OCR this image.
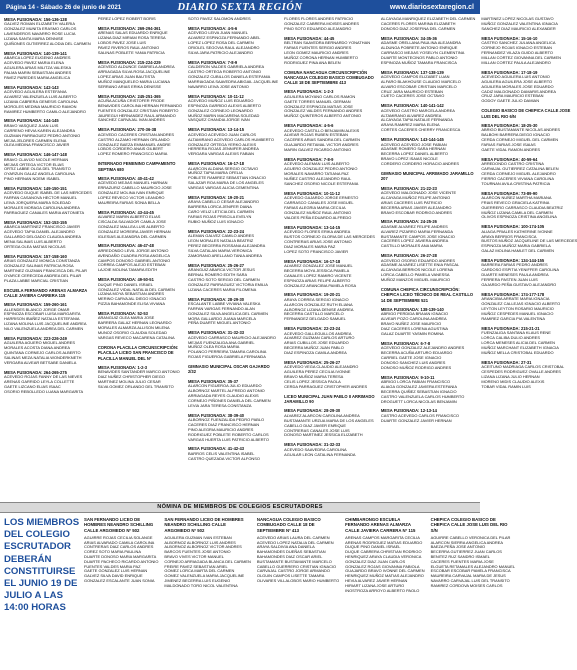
Página 14 - Sábado 26 de junio de 2021	DIARIO SEXTA REGIÓN	www.diariosextaregion.cl
MESA FUSIONADA: 156-136-138
GALVEZ ROMAN ELIZABETH VALERIA
GONZALEZ MUNITA ERASMO CARLOS
LAVENDEROS NAVARRO ROSE LUCIA
LIZANA SANTA MARIA DENNISE
QUIÑONES GUTIERREZ ALODIA DEL CARMEN
MESA FUSIONADA: 140-139-141
ABARCA LOPEZ EUGENIO ANDRES
ACEVEDO PAVEZ MARIA ELENA
AGUILERA ARIAS MILITZA VALESKA
PALMA MARIN SEBASTIAN ANDRES
PAVEZ PAREDES MARIA ANGELICA
MESA FUSIONADA: 142-143
ACEVEDO AGUILERA ESTEFANIA
ALVAREZ VALENZUELA LUIS ALBERTO
LIZAMA CABRERA GENESIS CAROLINA
MOROLES MEDINA MAURICIO RAMON
RAMIREZ HUMBERTO CAMILO ALEJANDRO
MESA FUSIONADA: 144-145
BRAVO VASQUEZ JUAN LUIS
CARRENO HEVIA KAREN ALEJANDRA
GUZMAN PARRAGUEZ PEDRO ANTONIO
MEJIA JELDRES CARMEN ELENA
OLEA MEDINA FRANCISCO JAVIER
MESA FUSIONADA: 146-147-148
BRAVO CLAVIJO NICOLE HERNAN
MEJIAS ORTEGA VICTOR ELIAS
ORTIZ LABBE OLGA DEL TRANSITO
OYARZUN GALAZ ANGELA CAROLINA
PINO HERNAN NOEMI ISABEL
MESA FUSIONADA: 149-150-151
ACEVEDO DUQUE ISABEL DE LAS MERCEDES
FARFAN CASANOVA HECTOR MANUEL
LEIVA JORQUERA MARIA SOLEDAD
MORALES MORAGA CAROLINA ANDREA
PARRAGUEZ CANALES MARIA ANTONIETA
MESA FUSIONADA: 152-153-155
ABARCA MARTINEZ FRANCISCO JAVIER
ACEVEDO TAPIA DANIEL ALEJANDRO
GALLARDO DELGADO CLAUDIA ANDREA
MENA SALINAS LUIS ALBERTO
ORTEGA OLEA MATIAS NICOLAS
MESA FUSIONADA: 157-158-160
ARIAS GONZALEZ MONICA CONSTANZA
GONZALEZ SALINAS PATRICIA ROSA
MARTINEZ GUZMAN FRANCISCA DEL PILAR
OYARCE CERECEDA ANDREA DEL PILAR
PLAZA LABBE MARCIAL CRISTIAN
ESCUELA FERNANDO ARENAS ALMARZA CALLE JAVIERA CARRERA 115
MESA FUSIONADA: 159-260-161
ALLENDES BLANCO JORGE OMAR
ESPINOZA ESCOBAR LUISA MARGARITA
HARRISON IBAÑEZ NATALIA ESTEFANIA
LIZANA MOLINA LUIS JACQUELINE ANDREA
NILO VALENZUELA ANDREA DEL CARMEN
MESA FUSIONADA: 223-226-249
AGUILERA AGUERO MIGUEL ANDRES
MORALES ACOSTA DIANA ANDREA
QUINTANA CORNEJO CARLOS ALBERTO
SALINAS MEZA NATALIA WONDERKNETH
VERGARA ALVEAR BETSABE DANIELA
MESA FUSIONADA: 264-265-275
ACEVEDO ROJAS FANNY DE LAS NIEVES
ARENAS GARRIDO LEYLA COLLETTE
GAETE LIZCANO ELIAS ISAAC
OSORIO REBOLLEDO LUANA MARGARITA
PEREZ LOPEZ ROBERT BORIS
MESA FUSIONADA: 269-294-361
ARENAS SALAS EDUARDO ENRIQUE
LIZANA DIAZ MIRIAM ROSA TERESA
LOBOS PAVEZ JOSE LUIS
PAVEZ RIVEROS RAUL ANTONIO
SALINAS POBLETE YANIA PATRICIA
MESA FUSIONADA: 215-224-229
ACEVEDO ALDUNCE GABRIELA ANDREA
ARRIAGADA SILVA ROSA JACQUELINE
LOPEZ ARIAS JUAN BAUTISTA
MUÑOZ MANQUELEO MARIA LUCIANA
SERRANO ARIAS ERIKA DENISSE
MESA FUSIONADA: 245-251-365
ACUÑA ACUÑA CRISTOFER FRODE
BENAVIDES CAROLINA HERNAN FERNANDO
FUENTES GONZALEZ CRISTIAN ROBERTO
JAUREGUI HERNANDEZ RAUL ARMANDO
SANCHEZ CARVAJAL IVAN ANDRES
MESA FUSIONADA: 270-36-38
ACEVEDO CACERES CRISTIAN ANDRES
CASTRO ALZAMO HERNAN ORLANDO
GONZALEZ BAEZA EMMANUEL ANDRE
LOBOS CORDERO ANAIS GILBERT
LOPEZ ROMERO FRANCISCO MARIA
INTERNADO FEMENINO CAMPAMENTO SEPTIMA 680
MESA FUSIONADA: 40-41-42
ACEVEDO MEJIAS MANUEL HARNAN
ERRAZURIZ CABELLO MAURICIO JOSE
GONZALEZ MOLINA IVAN ENRIQUE
LOPEZ REVECO VICTOR LEANDRO
MAUREIRA FARIAS SONIA BELLA
MESA FUSIONADA: 43-44-45
ALVAREZ MARIN ALBERTO ELIAS
CISCALDA SALVADOR CAMILA JOSE
GONZALEZ MALLEA LUIS ALBERTO
GONZALEZ MOREIRA JAVIER HERNAN
IGLESIAS ALEJANDRA DEL CARMEN
MESA FUSIONADA: 46-47-48
ARREDONDO LEVIL JORGE ANTONIO
AVENDAÑO CUADRA ROSA ANGELICA
CAMPOS DONOSO GABRIEL ANTONIO
CORREA CAMPOS ALEJO ESTEBAN
LAJOIE MOLINA TAMARA EDITH
MESA FUSIONADA: 49-50-51
DUQUE PINO DANIEL ISRAEL
GONZALEZ VIDAL NATALIA DEL CARMEN
LIZANA MOYA SEBASTIAN ANDRES
MERINO CARVAJAL DIEGO IGNACIO
PIZZIA BAHAMONDE ELISA VIVIANA
MESA FUSIONADA: 52-53
ARANGUIZ OLEA MARIA JOSE
BARRERA GALAZ HERNAN LEONARDO
MORALES ALMARZA ALLISON MILENA
MUNOZ OSORIO CLAUDIA SOLEDAD
VARGAS REVECO MACARENA CATALINA
CORONA PLACILLA CIRCUNSCRIPCIÓN: PLACILLA LICEO SAN FRANCISCO DE PLACILLA MANUEL DEL Nº
MESA FUSIONADA: 1-2-3
BENAVIDES SANTANDER MARCO ANTONIO
DIAZ NUÑEZ CHRISTOPHER DIEGO
MARTINEZ MOLINA JULIO CESAR
SILVA GOMEZ ORLANDO DEL TRANSITO
SOTO PAVEZ SALOMON ANDRES
MESA FUSIONADA: 4-5-6
ACEVEDO LEIVA JUAN MANUEL
ALVAREZ ESPINOZA FERNANDO ABEL
LOPEZ LOPEZ ROSA DEL CARMEN
ORIOLEL SEGOVIA RAUL ALEJANDRO
SILVA JARA PATRICIO ALEJANDRO
MESA FUSIONADA: 7-8-9
CALDERON VALDES GABRIELA ANDREA
CASTRO ORTEGA ROBERTO ANTONIO
GONZALEZ CUBILLOS DANIELA ESTEFANIA
MARRIAGADA SAAVEDRA ABIGAIL JACQUELINE
NAVARRO LEIVA JOSE ANTONIO
MESA FUSIONADA: 10-11-12
ACEVEDO MUÑOZ LUIS EDUARDO
ESPINOZA GARRIDO ALEXIS ALBERTO
GONZALEZ CORNEJO LEONARDO
MUÑOZ MARIN MACARENA SOLEDAD
VASQUEZ CHANDIA JORGE IVAN
MESA FUSIONADA: 13-14-15
ACEVEDO ACEVEDO JUAN CARLOS
ALTAMIRANO ACEVEDO CARLOS HUMBERTO
GONZALEZ ORTEGA YERKO ALEXIS
HERRERA ROJAS JENNIFER ANDREA
VERGARA VARGAS ALEXIS FABIAN
MESA FUSIONADA: 16-17-18
ALARCON ALDANA SERGIO OCTAVIO
MUÑOZ TAPIA MARIA OFELIA
POBLETE RAMIREZ SEBASTIAN IGNACIO
SALAZAR ROA MARIA DE LOS ANGELES
VARGAS VARGAS ALICIA CEMENTINA
MESA FUSIONADA: 19-20-21
ARAYA CABELLO CESAR ALEJANDRO
BARRERA LORCA JENIFER DIANA
CARO VELIZ LETICIA DEL CARMEN
FARIAS ROJAS PRISCILA EVELYN
RUBIO MUÑOZ LUIS IGNACIO
MESA FUSIONADA: 22-23-24
ALEMAN GALVEZ CAMILO ANDRES
LEON MORALES NATALIA BEATRIZ
PEREZ BECERRA ROSSANA ALEJANDRA
SILVA CATALAN MARIA VERONICA
ZAMORANO ARELLANO TANIA ANDREA
MESA FUSIONADA: 25-26-27
ARANGUIZ ABARCA VICTOR JESUS
BERNAL ROMERO EDITH SARA
CASTRO SOTO SERGIO DEL CARMEN
GONZALEZ PARRAGUEZ VICTORIA EMILIA
LIZANA CACERES MARIA FILOMENA
MESA FUSIONADA: 28-29-30
ESCALANTE LABBE VIVIANA VALESKA
FARFAN VARGAS FERNANDO ALAN
GONZALEZ SILVA ANGELICA DEL CARMEN
MORA GALLARDO JUANA MARCELA
PEÑA DUARTE MIGUEL ANTONIO
MESA FUSIONADA: 31-32-33
ACEVEDO CARRASCO MAURICIO ALEJANDRO
MEJIAS FUENZALIDA ANA GABRIEL
MUÑOZ OLEA ROSA MARIA
POLANCO PERREIRA TAMARA CAROLINA
ROJAS FIGUEROA GABRIELA FERNANDA
GIMNASIO MUNICIPAL OSCAR GAJARDO 2/32
MESA FUSIONADA: 35-37
ALARCON FIGUEROA JULIO EDUARDO
ALBORNOZ MARTEL ALFREDO ANTONIO
ARRIAGADA REYES CLAUDIO ALEXIS
CORNEJO PIÑONES DANIELA DEL CARMEN
LEVIA JARA TERESA CONSTANZA
MESA FUSIONADA: 38-39-40
ALBORNOZ FUENZALIDA PEDRO PABLO
CACERES DIAZ FRANCISCO HERNAN
PINO ALEGRIA MAURICIO ANDRES
RODRIGUEZ POBLETE ROBERTO CARLOS
VARGAS HUERTA LUIS PATRICIO ALBERTO
MESA FUSIONADA: 41-42-43
BARROS CELIS VALENTINA ISABEL
CASTRO QUEZADA VICTOR ALFONSO
FLORES FLORES ANDRES PATRICIO
GONZALEZ CABRERA MOISES ANDRES
PINO SOTO EDUARDO ALEJANDRO
MESA FUSIONADA: 44-45
BELTRAN SAAVEDRA BERNARDO YONATHAN
FARIAS FUENTES SERGIO ANDRES
LEON GOMEZ MAURICIO ANDRES
MUÑOZ CORONA HERNAN HUMBERTO
RODRIGUEZ PINA ANA BELEN
COMUNA NANCAGUA CIRCUNSCRIPCIÓN NANCAGUA COLEGIO BASICO COMBUGADO CALLE 18 DE SEPTIEMBRE 413
MESA FUSIONADA: 1-2-3
AGUILERA MOYANO CARLOS RAMON
GAETE TORRES MANUEL GERMAN
GONZALEZ ESPINOZA MATIAS JOSE
GONZALEZ VALDES FERNANDO ANDRES
MUÑOZ QUINTEROS ALBERTO ANTONIO
MESA FUSIONADA: 4-5-6
ACEVEDO CASTILLO BENJAMIN ALEXIS
ALVEAR ROJAS RUBEN ESTEBAN
CACERES ARIAS SANDRA DEL CARMEN
GUAJARDO RETAMAL VICTOR ANDRES
MARIN GALVEZ RICARDO ANTONIO
MESA FUSIONADA: 7-8-9
ACEVEDO ALEMAN LUIS ALBERTO
AGUERO GONZALEZ PEDRO ANTONIO
MORALES NAVARRO TATIANA PAZ
NUÑEZ CASTRO ALEJANDRO RAUL
SANCHEZ OSORIO NICOLE ESTEFANIA
MESA FUSIONADA: 10-11-12
ACEVEDO GAJARDO JORGE ERNESTO
CARRASCO CANALES JOSE MIGUEL
FARIAS ALEGRIA MARIA CECILIA
GONZALEZ MUÑOZ RAUL ANTONIO
VALDES PEÑA EDUARDO ALFREDO
MESA FUSIONADA: 13-14-15
ACEVEDO FLORES ERIKA ANDREA
BUSTOS CORNEJO GLORIA DE LAS MERCEDES
CONTRERAS ARIAS JOSE ANTONIO
DIAZ MORALES MARIA PAZ
LOPEZ SOTO FRANCISCO JAVIER
MESA FUSIONADA: 16-17-18
ALVAREZ GONZALEZ JOSE MANUEL
BECERRA MOYA JESSICA PAMELA
CANALES LOPEZ RAMIRO VICENTE
ESPINOZA ARIAS FELIPE ALBERTO
GONZALEZ ARANCIBIA PAMELA ROSA
MESA FUSIONADA: 19-20-21
ARAYA CORREA SERGIO IGNACIO
ALARCON GONZALEZ RUTH ELIANA
ALBORNOZ LIZANA DENISE ANDREA
BECERRA CASTILLO MARCELO
FERNANDEZ DELGADO SAMUEL
MESA FUSIONADA: 22-23-24
ACEVEDO GALLEGUILLOS ANDREA
ALVAREZ GUZMAN CARLOS ARTURO
ARIAS CUBILLOS JOSE EDUARDO
BECERRA MUÑOZ JUAN PABLO
DIAZ ESPINOZA CAMILA ANDREA
MESA FUSIONADA: 25-26-27
ACEVEDO VEGA CLAUDIO ALEJANDRO
AGUILERA PEREZ CECILIA IVONNE
BRAVO MUÑOZ MARIA TERESA
CELIS LOPEZ JESSICA PAOLA
CERDA PARRAGUEZ CRISTOPHER ANDRES
LICEO MUNICIPAL JUAN PABLO II ARRIMADO JARAMILLO 90
MESA FUSIONADA: 28-29-30
ALVAREZ ALARCON CAROLINA ANDREA
BUSTAMANTE URZUA MARIA DE LOS ANGELES
CABELLO DIAZ JAVIER ENRIQUE
CONTRERAS CANALES JOSE LUIS
DONOSO MARTINEZ JESSICA ELIZABETH
MESA FUSIONADA: 31-32-33
ACEVEDO SAAVEDRA CAROLINA
AGUILAR LEON CATALINA FERNANDA
ALCAYAGA MANRIQUEZ ELIZABETH DEL CARMEN
CACERES FLORES MARINA ELIZABETH
DONOSO DIAZ JOSEFINA DEL CARMEN
MESA FUSIONADA: 34-35-36
ADASME ORELLANA PAULINA ALEJANDRA
ALDUNGA POBRETE ANTONIO ENRIQUE
CARRASCO MEJIAS YOSELYN CLEMENTINA
DUARTE MONTECINOS PABLO ANTONIO
ESPINOZA MUÑOZ TAMARA FRANCISCA
MESA FUSIONADA: 137-138-139
ACEVEDO CAMPOS ELIZABET LUAN
ALFARO BLAKHOUSE CLAUDIO MARCELO
ALVARO ESCOBAR CRISTIAN MARCELO
CRUZ JARA MAURICIO ESTEBAN
CUETO CACERES JOSE OCTAVIO
MESA FUSIONADA: 140-141-142
ACEVEDO CASTRO MARCELA ANDREA
ALTAMIRANO ALVAREZ ANDREA
ALCAYAGA TAPIA NATALIE FERNANDA
ARAYA RAMIREZ MARIA ELENA
CORTES CACERES CHERRY FRANCESCA
MESA FUSIONADA: 143-144-145
ACEVEDO ACEVEDO JOSE FABIAN
ADASME ROMERO SARA HERNAN
BECERRA LOPEZ DANIEL ALBERTO
BRAVO LOPEZ ISAIAS NICOLE
CORDERO CORDERO HORACIO ANDRES
GIMNASIO MUNICIPAL ARRIMADO JARAMILLO 207
MESA FUSIONADA: 21-22-23
ACEVEDO MALDONADO JOSE VICENTE
ALCAYAGA MUÑOZ FELIPE ANTONIO
ARIAS CACERES LUIS PATRICIO
BECERRA ARIAS JAVIER ALEJANDRO
BRAVO ESCOBAR RODRIGO ANDRES
MESA FUSIONADA: 24-25-26
ADASME ALVAREZ FELIPE ANDRES
ALVAREZ PIZARRO MARIA FERNANDA
BUSTAMANTE CAMPOS JOSE IGNACIO
CACERES LOPEZ JAVIERA ANDREA
CASTILLO MORALES ANA MARIA
MESA FUSIONADA: 26-27-28
ACEVEDO OSORIO EDUARDO ANDRES
ADASME ALVAREZ LISETTE ENIA PASCAL
ALCAYAGA BERRIOS NICOLE LORENA
LORCA CABELLO PAMELA VANESSA
MUÑOZ MANZOS MIGUEL MAURICIO
COMUNA CHEPICA CIRCUNSCRIPCIÓN: CHEPICA LICEO TÉCNICO DE REAL CASTILLO 14 DE SEPTIEMBRE 521
MESA FUSIONADA: 138-139-140
ABRIGO PERDIDA BRAIAN IGNACIO
ALVEAR POZO CAROLINA ANDREA
BRAVO NUÑEZ JOSE MAURICIO
DIAZ CACERES LORENA AGUSTINA
GALAZ DUARTE YASMIN ROMINA
MESA FUSIONADA: 6-7-8
ACEVEDO GONZALEZ ALEJANDRO ANDRES
BECERRA ACUÑA ARTURO EDUARDO
CARRIEL GAETE JOSE IGNACIO
DONOSO SANCHEZ LUIS ANDRES
DONOSO MUÑOZ RODRIGO ANDRES
MESA FUSIONADA: 9-10-11
ABRIGO LORCA FABIAN FRANCISCO
ALIAGA GONZALEZ JAVIERA ESTEFANIA
BECERRA QUIÑEZ SEBASTIAN IGNACIO
CASTRO VALENZUELA CARLOS HUMBERTO
DROGUETT LORCA NICOLAS BENJAMIN
MESA FUSIONADA: 12-13-14
CASTRO ACEVEDO CARLOS FRANCISCO
DUARTE GONZALEZ JAVIER HERNAN
MARTINEZ LOPEZ NICOLAS GUSTAVO
MUÑOZ GONZALEZ VALENTINA IGNACIA
SANCHEZ DIAZ MAURICIO ALEXANDER
MESA FUSIONADA: 15-16-10
CASTRO SANCHEZ JULIANA ANGELICA
CORNEJO ROJAS IGNACIO ESTEBAN
FERNANDEZ VILAZA GUIDO ALBERTO
MILLAN CORTEZ GIOVANNA DEL CARMEN
MILLAN CORTEZ PAULA ALEJANDRO
MESA FUSIONADA: 17-18-19
ACEVEDO AGUILERA LUIS ANTONIO
AGUILERA AGUILERA JOSE ALBERTO
AGUILERA MORALES JOSE EDUARDO
CADIZ MALDONADO DAMARIS ANDREA
CRUZ JARA MAURICIO ESTEBAN
GODOY GAETE JULIO DAMIAN
COLEGIO BASICO DE CHEPICA CALLE JOSE LUIS DEL RIO 6/N
MESA FUSIONADA: 18-25-30
ABRIGO BUSTAMANTE NICOLAS ANDRES
BALBOHI BARRERA DIEGO IGNACIO
CERDA CORNEJO MIGUEL DEL CARMEN
FARIAS FARIAS JOSE ISAIAS
GAETE VIDAL RAMON ANDRES
MESA FUSIONADA: 40-59-64
ARREDONDO CASTRO CRISTINA
CARVAJAL GUTIERREZ CATALINA BELEN
CERDA CORNEJO MIGUEL ALEJANDRO
FIERRO CACERES VIVIANA CAROLINA
TOURNAN AVILA CRISTINA PATRICIA
MESA FUSIONADA: 73-89-90
ALARCON NUÑEZ MARTHA MARIANA
FRIAS REVECO GRACIELA KATRINA
GUERRERO CARRASCO CLAUDIA BEATRIZ
MUÑOZ LIZANA CAMILA DEL CARMEN
OLIVOS ESPINOZA CRISTINA ANGELINA
MESA FUSIONADA: 100-174-105
ALIAGA PRIALES KATHERINE IVONNE
ARAYA BERRIOS FRANCISCA
BUSTOS MUÑOZ JACQUELINE DE LAS MERCEDES
ESPINOZA MUÑOZ MARIA GABRIELA
GALAZ MOLINA HAMLET DEL CARMEN
MESA FUSIONADA: 134-144-155
BARRERA FARIAS PEDRO ANDRES
CARDOSO ESPITIA YENIFFER CAROLINA
DUARTE MENESES PAULA ANDREA
FERRERA PASTEN JUAN LUIS
GAJARDO PEÑA GUSTAVO ALEJANDRO
MESA FUSIONADA: 174-177-178
ARANCIBIA ARRATE MARIA IGNACIA
GONZALEZ CALLEJAS IGNACIO ALBERTO
LEYTON LEYTON ROSARIO MAURICIO
MUÑOZ CESPEDES MANUEL IGNACIO
RAMIREZ GARCIA PIA VALENTINA
MESA FUSIONADA: 215-21-21
FUENZALIDA SANTANA KLAUS RENE
LORCA CALIBA DULIO ANDRES
LORCA MENESES ALICIA DEL CARMEN
MUÑOZ MARCHANT ELIZABETH IGNACIA
MUÑOZ MELLA CRISTOBAL EDUARDO
MESA FUSIONADA: 27-31
ACEITUNO MADRIAGA CARLOS CRISTOBAL
CESPEDES RODRIGUEZ OVALLE ANDRES
LIZANA LIZANA JULIO HERNAN
MORENO MIDIS CLAUDIO ALEXIS
TOBAR VIDAL RAMIN LUIS
NÓMINA DE MIEMBROS DE COLEGIOS ESCRUTADORES
LOS MIEMBROS DEL COLEGIO ESCRUTADOR DEBERÁN CONSTITUIRSE EL JUNIO 19 DE JULIO A LAS 14:00 HORAS
SAN FERNANDO LICEO DE HOMBRES NEANDRO SCHILLING CALLE ARGOMEDO Nº 502
AGUIRRE ROJAS CECILIA SOLANGE
ARIAS ALVARADO CAMILA CAROLINA
CONTRERAS DIAZ CARLOS ANDRES
COREZ SOTO MARIA PAULINA
DUARTE DONOSO MARIA MARGARITA
DUARTE PACHECO RICARDO ANTONIO
FUENTES VALDES MARIA PAZ
GAETE GONZALEZ LUIS HERNAN
GALVEZ SILVA DAVID ENRIQUE
GONZALEZ ESCALANTE JUAN SONIA
SAN FERNANDO LICEO DE HOMBRES NEANDRO SCHILLING CALLE ARGOMEDO Nº 502
AGUILERA GUZMAN IVAN ESTEBAN
ALBORNOZ ALBORNOZ LUIS ANDRES
ALBORNOZ ALBORNOZ VICTOR ANDRES
BARCOS FUENTES JOSE ANTONIO
BRAVO VIVES VICTOR MANUEL
CORNEJO ARRIAGADA BLANCA DEL CARMEN
FREIRE PAVEZ SEBASTIAN ARIEL
GOMEZ LORCA MARTA DEL CARMEN
GOMEZ VALENZUELA MARIA JACQUELINE
JIMENEZ BECERRA LUIS EUGENIO
MALDONADO TORO NICOL VALENTINA
NANCAGUA COLEGIO BASICO COMBUGADO CALLE 18 DE SEPTIEMBRE Nº 413
ACEVEDO ARIAS LAURA DEL CARMEN
ACEVEDO LOPEZ NATALIA DEL CARMEN
ARAYA SALDIVIA ANA DANIELA
BAHAMONDES DUEÑAS SEBASTIAN
BAHAMONDES DIAZ OSCAR ARIEL
BUSTAMANTE BUSTAMANTE MARCELO
CABELLO GUERRERO CRISTIAN IGNACIO
CARVAJAL CASTRO JORGE ARMANDO
OLGUIN CAMPOS LISETTE TAMARA
OLIVARES VILLALOBOS MARIO HUMBERTO
CHIMBARONGO ESCUELA FERNANDO ARENAS ALMARZA CALLE JAVIERA CARRERA Nº 115
ARENAS CAMPOS MARGARITA CECILIA
ARENAS RODRIGUEZ MATIAS EDUARDO
DUQUE PINO DANIEL ISRAEL
DUQUE CABRERA CHRISTIAN RODRIGO
HENRIQUEZ ARAYA CLAUDIA VERONICA
GONZALEZ DIAZ JUAN CARLOS
GONZALEZ ROJAS GIOVANNA FABIOLA
GUAJARDO BRAVO IVONNE DEL CARMEN
HENRIQUEZ MUÑOZ MATIAS ALEJANDRO
HEVIA ALVAREZ JAVIER HERNAN
HIRIART LIZANA JOSE ARTURO
INOSTROZA ARROYO ALBERTO PAOLO
CHEPICA COLEGIO BASICO DE CHEPICA CALLE JOSE LUIS DEL RIO S/N
AGUIRRE CABELLO VERONICA DEL PILAR
ALARCON SIERRA ANGELICA ANDREA
BAEZA PEÑA JOSE ANTONIO
BECERRA GUTIERREZ JUAN CARLOS
BENITEZ RUZ SANDRO ISMAEL
CACERES FUENTES MARIA JOSE
ELGUETA RETAMALES ALEJANDRO MANUEL
ESCOBAR ESCOBAR PAMELA FRANCISCA
MAUREIRA CARVAJAL MARIA DE JESUS
NAVARRO CARVAJAL LUIS DEL TRANSITO
RAMIREZ CORDOVA MOISES CARLOS
